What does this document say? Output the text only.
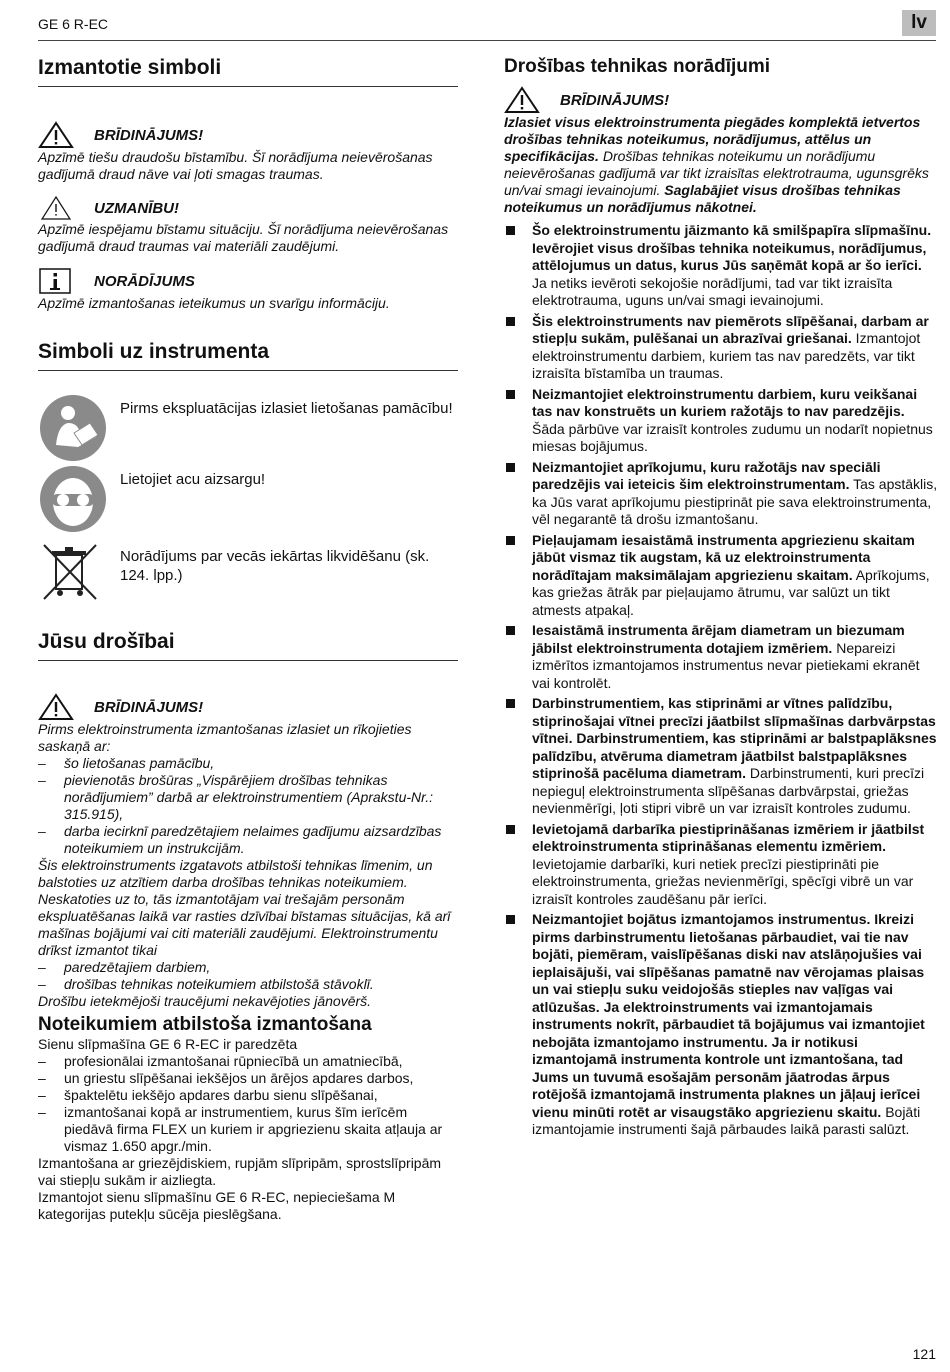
GE 6 R-EC	lv
Izmantotie simboli
BRĪDINĀJUMS!
Apzīmē tiešu draudošu bīstamību. Šī norādījuma neievērošanas gadījumā draud nāve vai ļoti smagas traumas.
UZMANĪBU!
Apzīmē iespējamu bīstamu situāciju. Šī norādījuma neievērošanas gadījumā draud traumas vai materiāli zaudējumi.
NORĀDĪJUMS
Apzīmē izmantošanas ieteikumus un svarīgu informāciju.
Simboli uz instrumenta
Pirms ekspluatācijas izlasiet lietošanas pamācību!
Lietojiet acu aizsargu!
Norādījums par vecās iekārtas likvidēšanu (sk. 124. lpp.)
Jūsu drošībai
BRĪDINĀJUMS!
Pirms elektroinstrumenta izmantošanas izlasiet un rīkojieties saskaņā ar:
– šo lietošanas pamācību,
– pievienotās brošūras „Vispārējiem drošības tehnikas norādījumiem” darbā ar elektroinstrumentiem (Aprakstu-Nr.: 315.915),
– darba iecirknī paredzētajiem nelaimes gadījumu aizsardzības noteikumiem un instrukcijām.
Šis elektroinstruments izgatavots atbilstoši tehnikas līmenim, un balstoties uz atzītiem darba drošības tehnikas noteikumiem. Neskatoties uz to, tās izmantotājam vai trešajām personām ekspluatēšanas laikā var rasties dzīvībai bīstamas situācijas, kā arī mašīnas bojājumi vai citi materiāli zaudējumi. Elektroinstrumentu drīkst izmantot tikai
– paredzētajiem darbiem,
– drošības tehnikas noteikumiem atbilstošā stāvoklī.
Drošību ietekmējoši traucējumi nekavējoties jānovērš.
Noteikumiem atbilstoša izmantošana
Sienu slīpmašīna GE 6 R-EC ir paredzēta
– profesionālai izmantošanai rūpniecībā un amatniecībā,
– un griestu slīpēšanai iekšējos un ārējos apdares darbos,
– špaktelētu iekšējo apdares darbu sienu slīpēšanai,
– izmantošanai kopā ar instrumentiem, kurus šīm ierīcēm piedāvā firma FLEX un kuriem ir apgriezienu skaita atļauja ar vismaz 1.650 apgr./min.
Izmantošana ar griezējdiskiem, rupjām slīpripām, sprostslīpripām vai stiepļu sukām ir aizliegta.
Izmantojot sienu slīpmašīnu GE 6 R-EC, nepieciešama M kategorijas putekļu sūcēja pieslēgšana.
Drošības tehnikas norādījumi
BRĪDINĀJUMS!
Izlasiet visus elektroinstrumenta piegādes komplektā ietvertos drošības tehnikas noteikumus, norādījumus, attēlus un specifikācijas. Drošības tehnikas noteikumu un norādījumu neievērošanas gadījumā var tikt izraisītas elektrotrauma, ugunsgrēks un/vai smagi ievainojumi. Saglabājiet visus drošības tehnikas noteikumus un norādījumus nākotnei.
Šo elektroinstrumentu jāizmanto kā smilšpapīra slīpmašīnu. Ievērojiet visus drošības tehnika noteikumus, norādījumus, attēlojumus un datus, kurus Jūs saņēmāt kopā ar šo ierīci. Ja netiks ievēroti sekojošie norādījumi, tad var tikt izraisīta elektrotrauma, uguns un/vai smagi ievainojumi.
Šis elektroinstruments nav piemērots slīpēšanai, darbam ar stiepļu sukām, pulēšanai un abrazīvai griešanai. Izmantojot elektroinstrumentu darbiem, kuriem tas nav paredzēts, var tikt izraisīta bīstamība un traumas.
Neizmantojiet elektroinstrumentu darbiem, kuru veikšanai tas nav konstruēts un kuriem ražotājs to nav paredzējis. Šāda pārbūve var izraisīt kontroles zudumu un nodarīt nopietnus miesas bojājumus.
Neizmantojiet aprīkojumu, kuru ražotājs nav speciāli paredzējis vai ieteicis šim elektroinstrumentam. Tas apstāklis, ka Jūs varat aprīkojumu piestiprināt pie sava elektroinstrumenta, vēl negarantē tā drošu izmantošanu.
Pieļaujamam iesaistāmā instrumenta apgriezienu skaitam jābūt vismaz tik augstam, kā uz elektroinstrumenta norādītajam maksimālajam apgriezienu skaitam. Aprīkojums, kas griežas ātrāk par pieļaujamo ātrumu, var salūzt un tikt atmests atpakaļ.
Iesaistāmā instrumenta ārējam diametram un biezumam jābilst elektroinstrumenta dotajiem izmēriem. Nepareizi izmērītos izmantojamos instrumentus nevar pietiekami ekranēt vai kontrolēt.
Darbinstrumentiem, kas stiprināmi ar vītnes palīdzību, stiprinošajai vītnei precīzi jāatbilst slīpmašīnas darbvārpstas vītnei. Darbinstrumentiem, kas stiprināmi ar balstpaplāksnes palīdzību, atvēruma diametram jāatbilst balstpaplāksnes stiprinošā pacēluma diametram. Darbinstrumenti, kuri precīzi nepieguļ elektroinstrumenta slīpēšanas darbvārpstai, griežas nevienmērīgi, ļoti stipri vibrē un var izraisīt kontroles zudumu.
Ievietojamā darbarīka piestiprināšanas izmēriem ir jāatbilst elektroinstrumenta stiprināšanas elementu izmēriem. Ievietojamie darbarīki, kuri netiek precīzi piestiprināti pie elektroinstrumenta, griežas nevienmērīgi, spēcīgi vibrē un var izraisīt kontroles zaudēšanu pār ierīci.
Neizmantojiet bojātus izmantojamos instrumentus. Ikreizi pirms darbinstrumentu lietošanas pārbaudiet, vai tie nav bojāti, piemēram, vaislīpēšanas diski nav atslāņojušies vai ieplaisājuši, vai slīpēšanas pamatnē nav vērojamas plaisas un vai stiepļu suku veidojošās stieples nav vaļīgas vai atlūzušas. Ja elektroinstruments vai izmantojamais instruments nokrīt, pārbaudiet tā bojājumus vai izmantojiet nebojāta izmantojamo instrumentu. Ja ir notikusi izmantojamā instrumenta kontrole unt izmantošana, tad Jums un tuvumā esošajām personām jāatrodas ārpus rotējošā izmantojamā instrumenta plaknes un jāļauj ierīcei vienu minūti rotēt ar visaugstāko apgriezienu skaitu. Bojāti izmantojamie instrumenti šajā pārbaudes laikā parasti salūzt.
121
